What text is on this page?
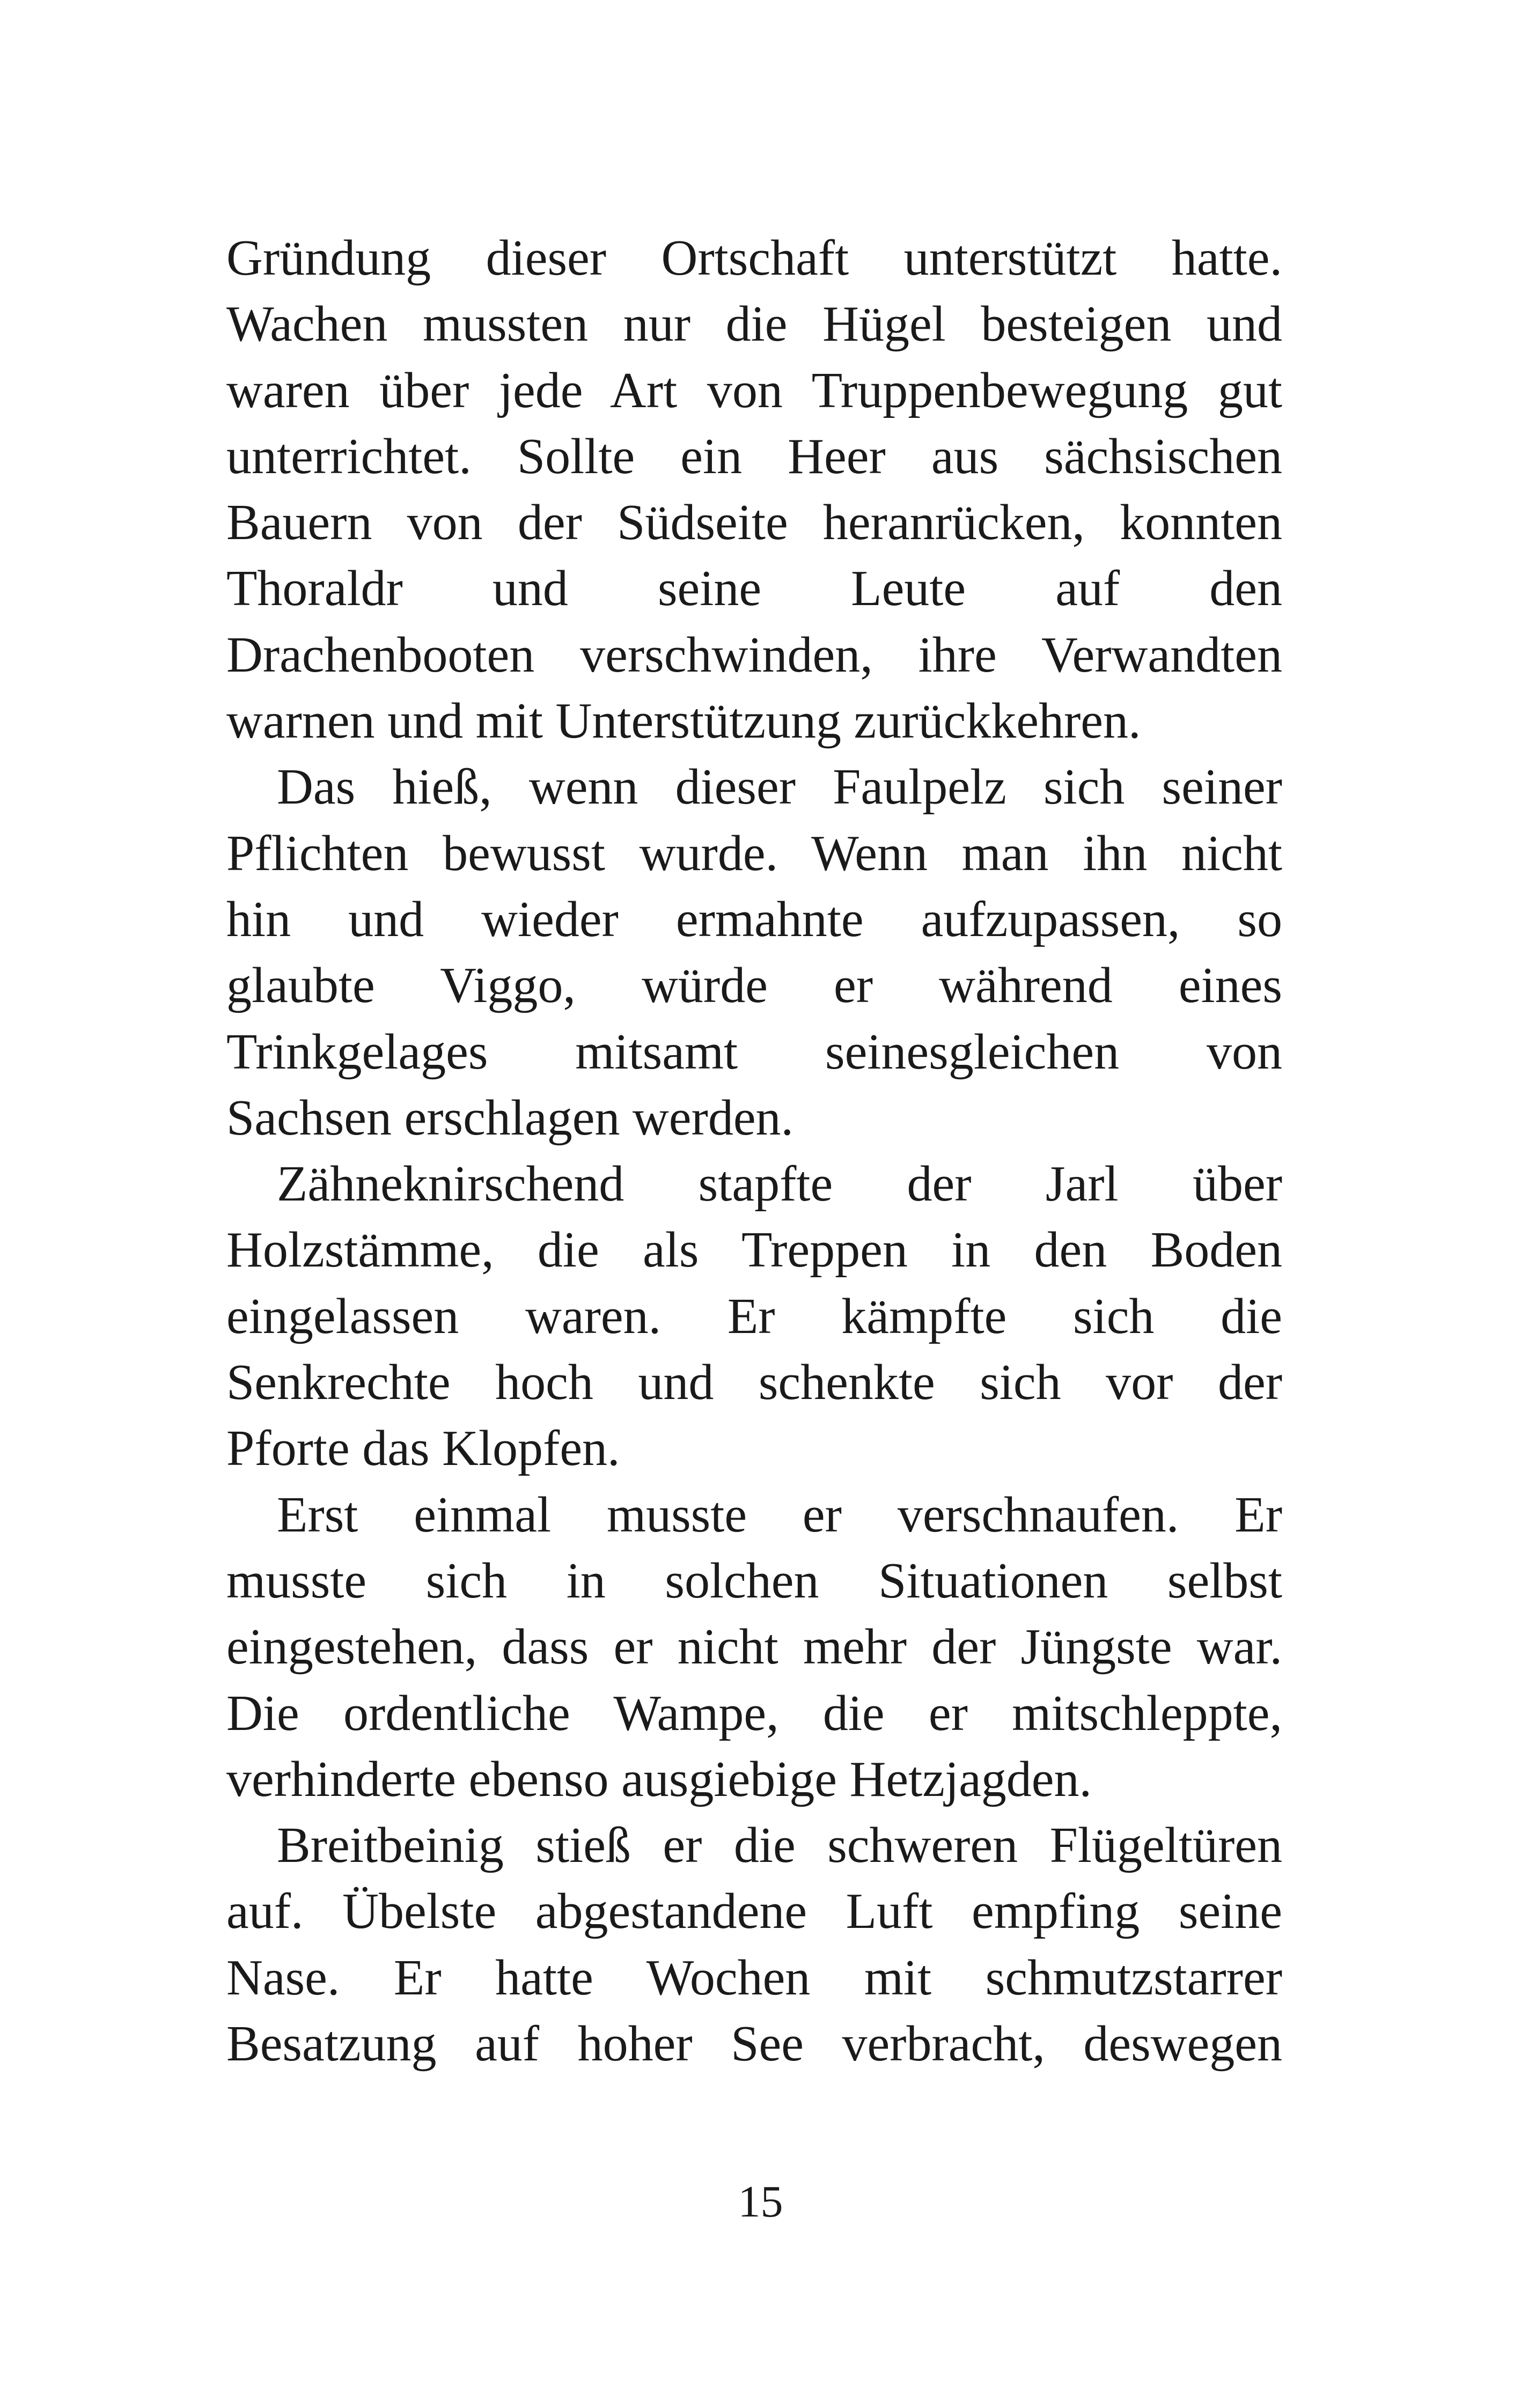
Gründung dieser Ortschaft unterstützt hatte.
Wachen mussten nur die Hügel besteigen und
waren über jede Art von Truppenbewegung gut
unterrichtet. Sollte ein Heer aus sächsischen
Bauern von der Südseite heranrücken, konnten
Thoraldr und seine Leute auf den
Drachenbooten verschwinden, ihre Verwandten
warnen und mit Unterstützung zurückkehren.
Das hieß, wenn dieser Faulpelz sich seiner
Pflichten bewusst wurde. Wenn man ihn nicht
hin und wieder ermahnte aufzupassen, so
glaubte Viggo, würde er während eines
Trinkgelages mitsamt seinesgleichen von
Sachsen erschlagen werden.
Zähneknirschend stapfte der Jarl über
Holzstämme, die als Treppen in den Boden
eingelassen waren. Er kämpfte sich die
Senkrechte hoch und schenkte sich vor der
Pforte das Klopfen.
Erst einmal musste er verschnaufen. Er
musste sich in solchen Situationen selbst
eingestehen, dass er nicht mehr der Jüngste war.
Die ordentliche Wampe, die er mitschleppte,
verhinderte ebenso ausgiebige Hetzjagden.
Breitbeinig stieß er die schweren Flügeltüren
auf. Übelste abgestandene Luft empfing seine
Nase. Er hatte Wochen mit schmutzstarrer
Besatzung auf hoher See verbracht, deswegen
15
